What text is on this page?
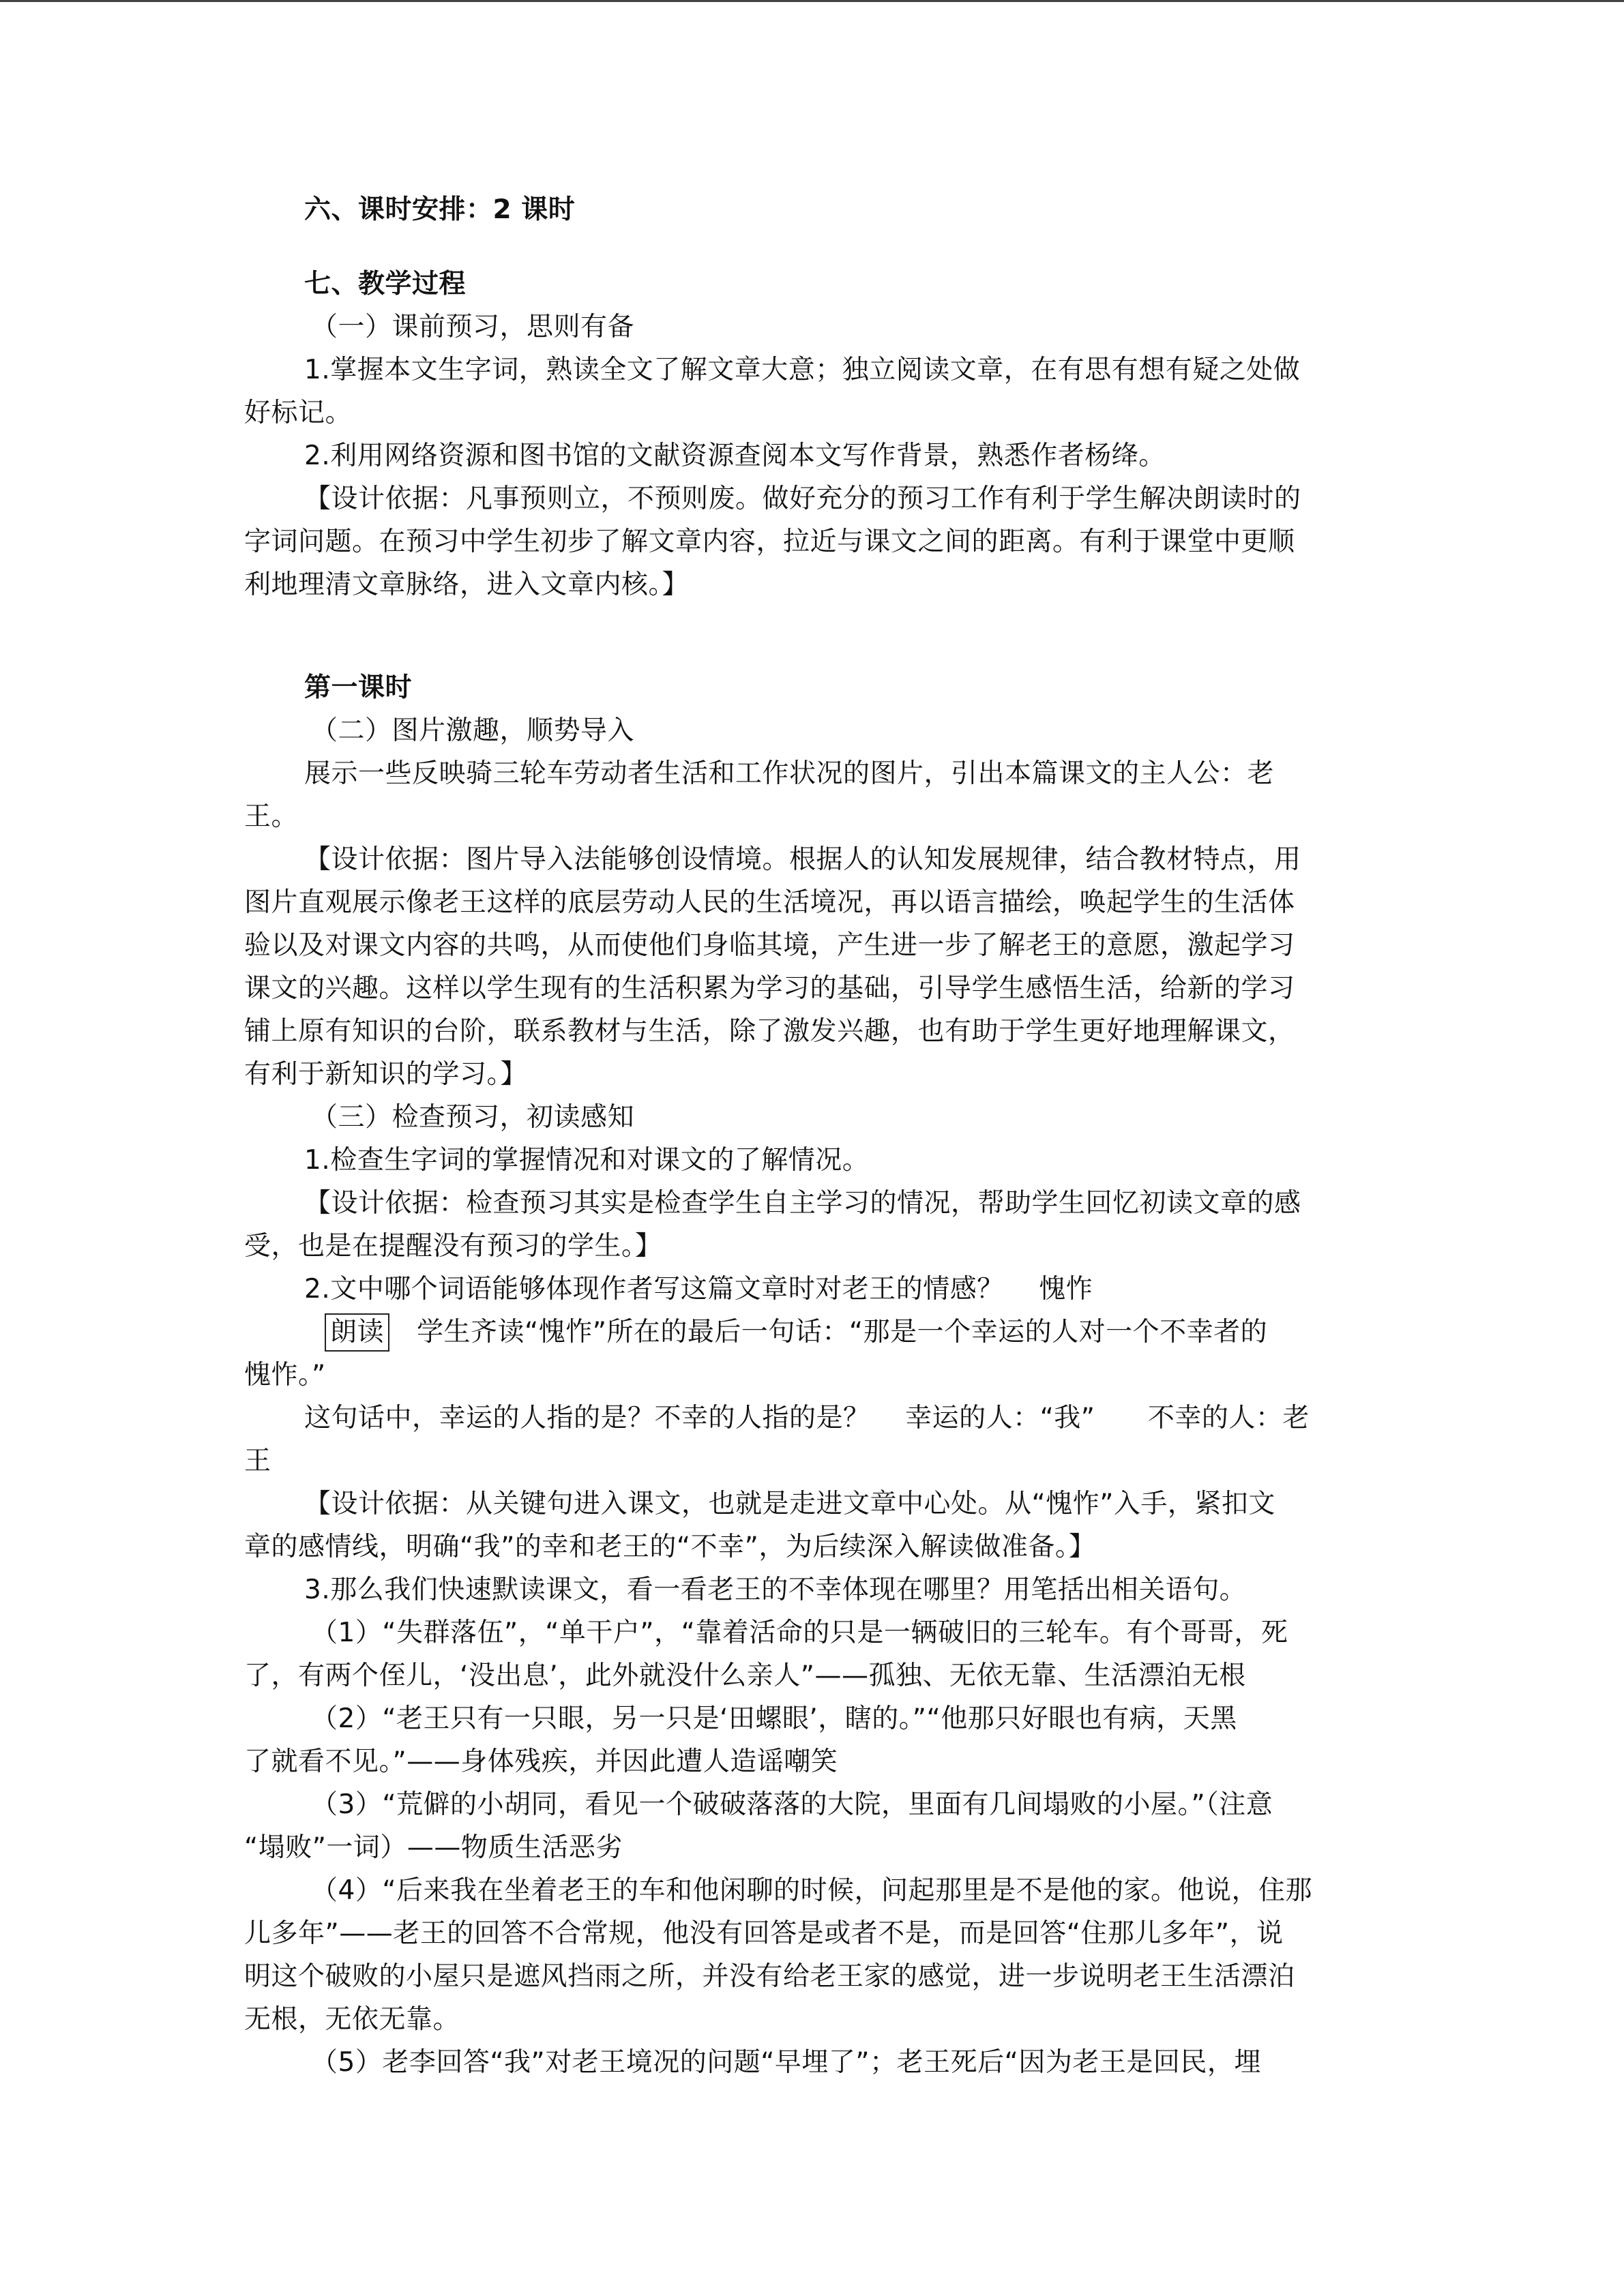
六、课时安排：2 课时
七、教学过程
（一）课前预习，思则有备
1.掌握本文生字词，熟读全文了解文章大意；独立阅读文章，在有思有想有疑之处做
好标记。
2.利用网络资源和图书馆的文献资源查阅本文写作背景，熟悉作者杨绛。
【设计依据：凡事预则立，不预则废。做好充分的预习工作有利于学生解决朗读时的
字词问题。在预习中学生初步了解文章内容，拉近与课文之间的距离。有利于课堂中更顺
利地理清文章脉络，进入文章内核。】
第一课时
（二）图片激趣，顺势导入
展示一些反映骑三轮车劳动者生活和工作状况的图片，引出本篇课文的主人公：老
王。
【设计依据：图片导入法能够创设情境。根据人的认知发展规律，结合教材特点，用
图片直观展示像老王这样的底层劳动人民的生活境况，再以语言描绘，唤起学生的生活体
验以及对课文内容的共鸣，从而使他们身临其境，产生进一步了解老王的意愿，激起学习
课文的兴趣。这样以学生现有的生活积累为学习的基础，引导学生感悟生活，给新的学习
铺上原有知识的台阶，联系教材与生活，除了激发兴趣，也有助于学生更好地理解课文，
有利于新知识的学习。】
（三）检查预习，初读感知
1.检查生字词的掌握情况和对课文的了解情况。
【设计依据：检查预习其实是检查学生自主学习的情况，帮助学生回忆初读文章的感
受，也是在提醒没有预习的学生。】
2.文中哪个词语能够体现作者写这篇文章时对老王的情感？    愧怍
朗读 学生齐读“愧怍”所在的最后一句话：“那是一个幸运的人对一个不幸者的
愧怍。”
这句话中，幸运的人指的是？不幸的人指的是？    幸运的人：“我”      不幸的人：老
王
【设计依据：从关键句进入课文，也就是走进文章中心处。从“愧怍”入手，紧扣文
章的感情线，明确“我”的幸和老王的“不幸”，为后续深入解读做准备。】
3.那么我们快速默读课文，看一看老王的不幸体现在哪里？用笔括出相关语句。
（1）“失群落伍”，“单干户”，“靠着活命的只是一辆破旧的三轮车。有个哥哥，死
了，有两个侄儿，‘没出息’，此外就没什么亲人”——孤独、无依无靠、生活漂泊无根
（2）“老王只有一只眼，另一只是‘田螺眼’，瞎的。”“他那只好眼也有病，天黑
了就看不见。”——身体残疾，并因此遭人造谣嘲笑
（3）“荒僻的小胡同，看见一个破破落落的大院，里面有几间塌败的小屋。”（注意
“塌败”一词）——物质生活恶劣
（4）“后来我在坐着老王的车和他闲聊的时候，问起那里是不是他的家。他说，住那
儿多年”——老王的回答不合常规，他没有回答是或者不是，而是回答“住那儿多年”，说
明这个破败的小屋只是遮风挡雨之所，并没有给老王家的感觉，进一步说明老王生活漂泊
无根，无依无靠。
（5）老李回答“我”对老王境况的问题“早埋了”；老王死后“因为老王是回民，埋
